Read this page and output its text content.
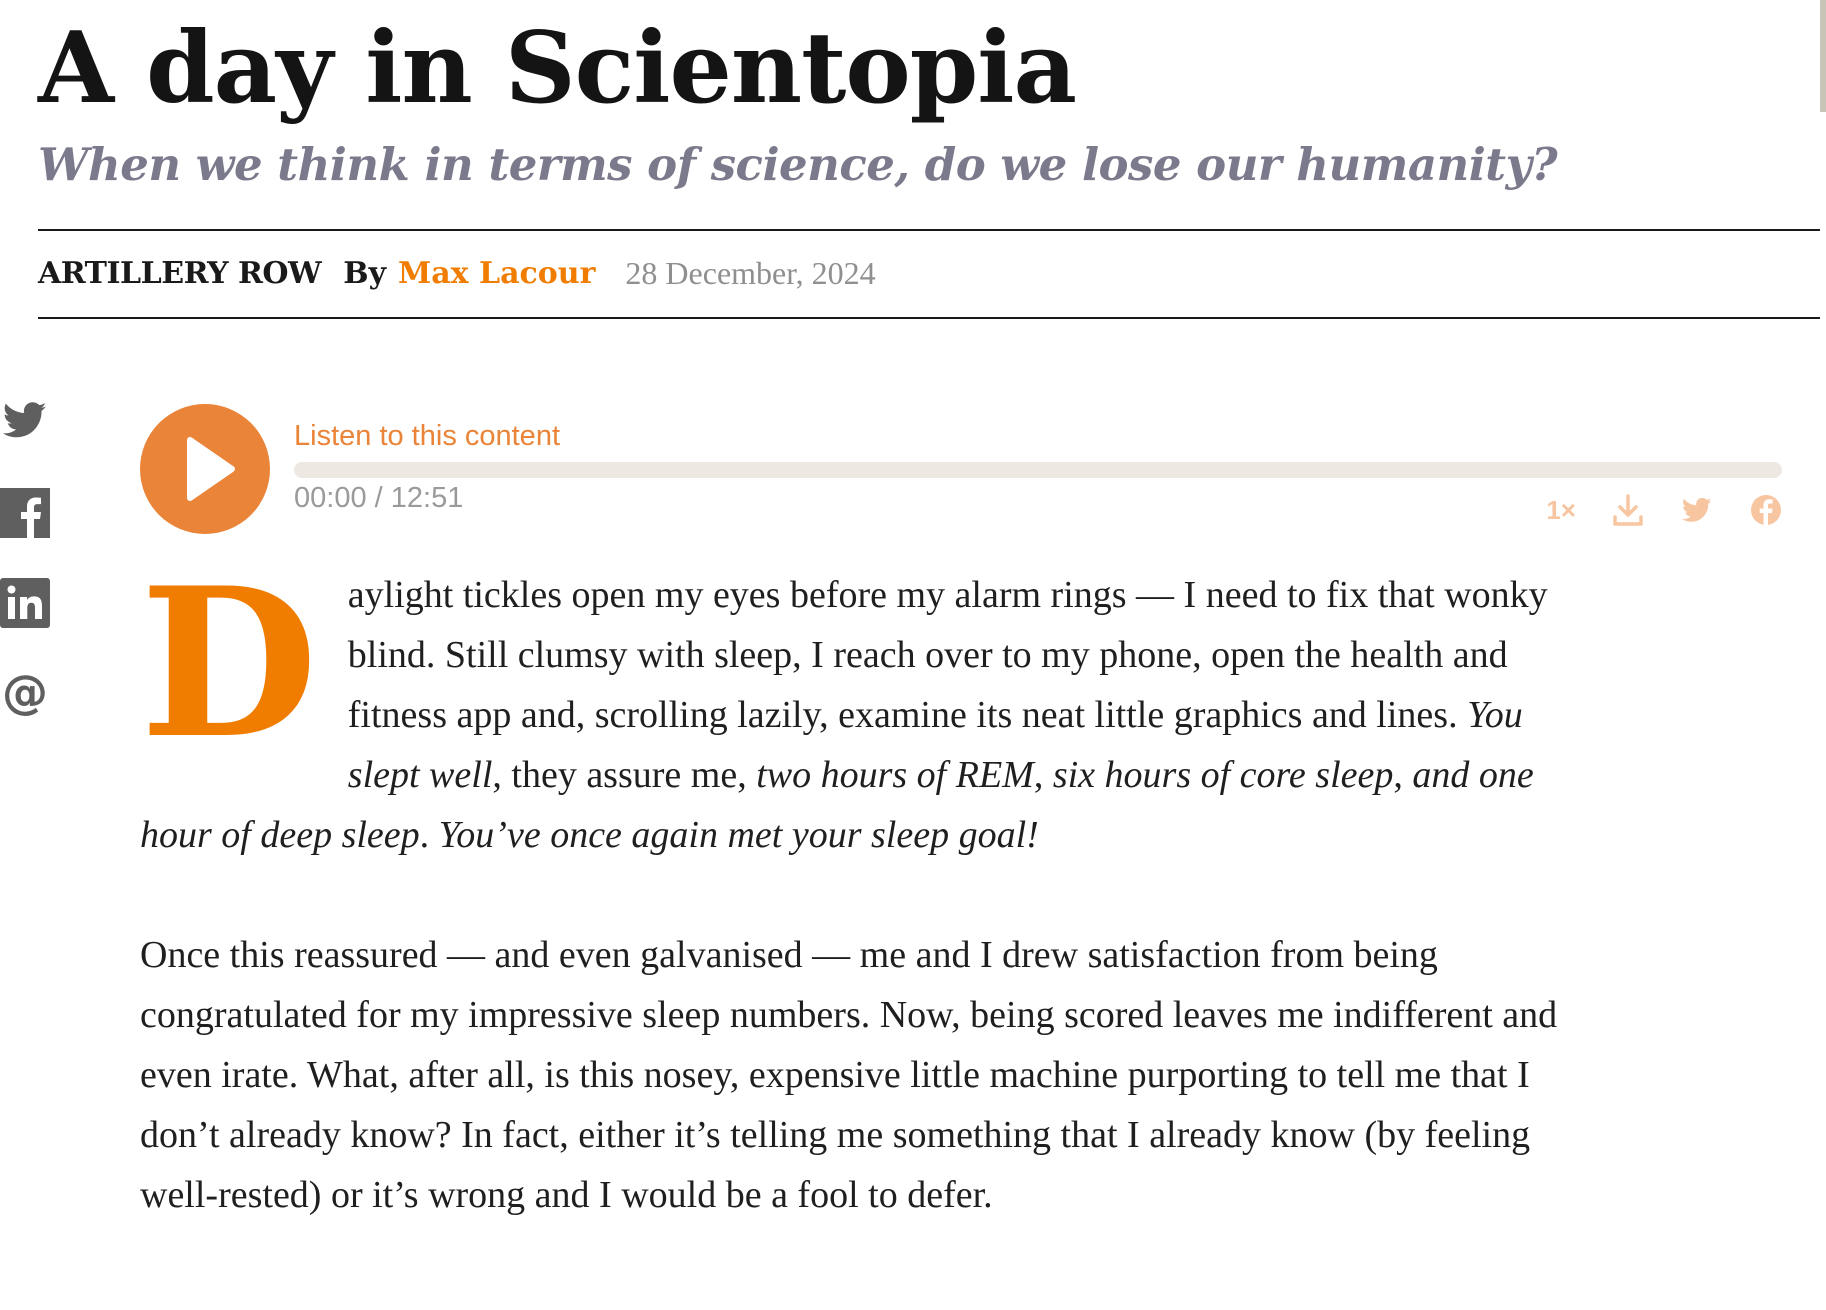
A day in Scientopia
When we think in terms of science, do we lose our humanity?
ARTILLERY ROW By Max Lacour 28 December, 2024
@
Listen to this content
00:00 / 12:51	1×

Daylight tickles open my eyes before my alarm rings — I need to fix that wonky blind. Still clumsy with sleep, I reach over to my phone, open the health and fitness app and, scrolling lazily, examine its neat little graphics and lines. You slept well, they assure me, two hours of REM, six hours of core sleep, and one hour of deep sleep. You’ve once again met your sleep goal!

Once this reassured — and even galvanised — me and I drew satisfaction from being congratulated for my impressive sleep numbers. Now, being scored leaves me indifferent and even irate. What, after all, is this nosey, expensive little machine purporting to tell me that I don’t already know? In fact, either it’s telling me something that I already know (by feeling well-rested) or it’s wrong and I would be a fool to defer.
